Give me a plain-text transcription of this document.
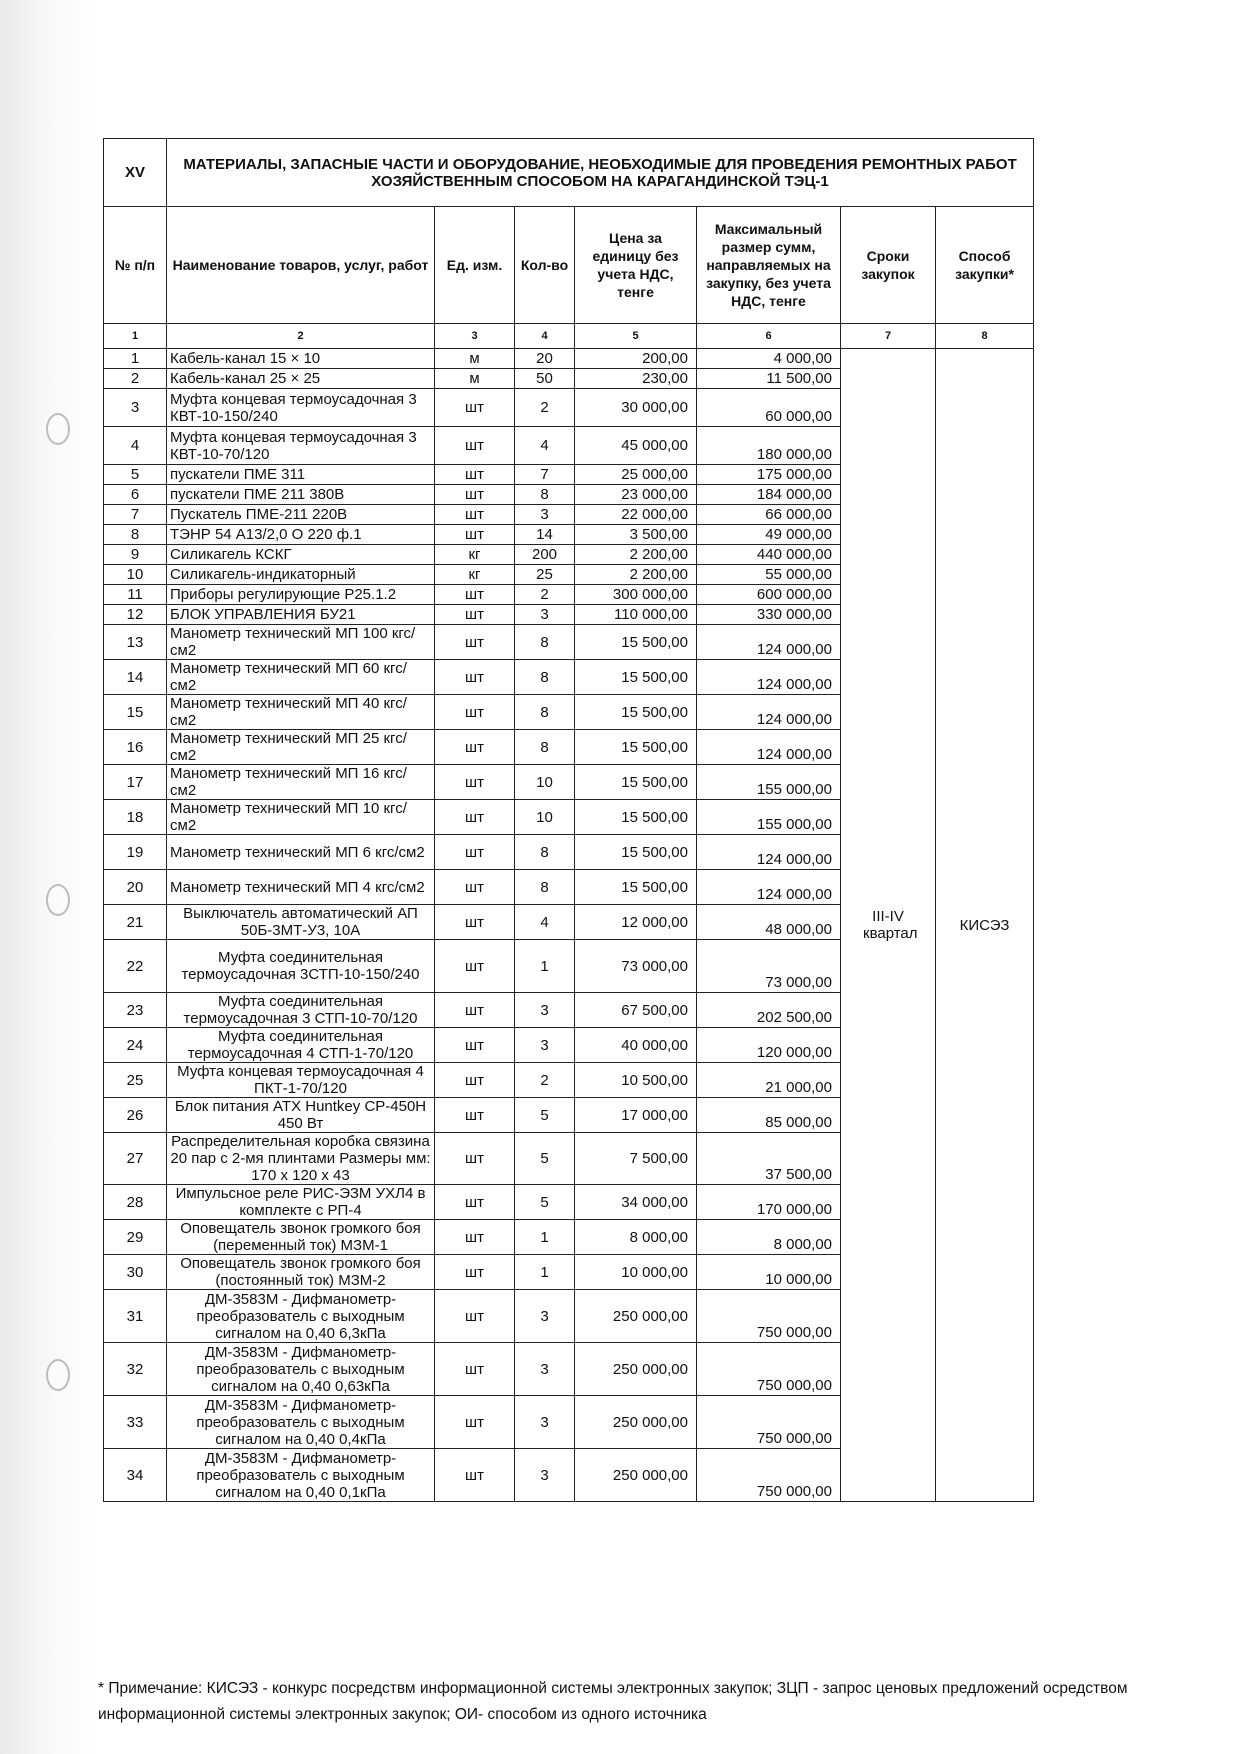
XV	МАТЕРИАЛЫ, ЗАПАСНЫЕ ЧАСТИ И ОБОРУДОВАНИЕ, НЕОБХОДИМЫЕ ДЛЯ ПРОВЕДЕНИЯ РЕМОНТНЫХ РАБОТ ХОЗЯЙСТВЕННЫМ СПОСОБОМ НА КАРАГАНДИНСКОЙ ТЭЦ-1						
№ п/п	Наименование товаров, услуг, работ	Ед. изм.	Кол-во	Цена за единицу без учета НДС, тенге	Максимальный размер сумм, направляемых на закупку, без учета НДС, тенге	Сроки закупок	Способ закупки*
1	2	3	4	5	6	7	8
1	Кабель-канал 15 × 10	м	20	200,00	4 000,00	III-IV квартал	КИСЭЗ
2	Кабель-канал 25 × 25	м	50	230,00	11 500,00		
3	Муфта концевая термоусадочная 3 КВТ-10-150/240	шт	2	30 000,00	60 000,00		
4	Муфта концевая термоусадочная 3 КВТ-10-70/120	шт	4	45 000,00	180 000,00		
5	пускатели ПМЕ 311	шт	7	25 000,00	175 000,00		
6	пускатели ПМЕ 211 380В	шт	8	23 000,00	184 000,00		
7	Пускатель ПМЕ-211 220В	шт	3	22 000,00	66 000,00		
8	ТЭНР 54 А13/2,0 О 220 ф.1	шт	14	3 500,00	49 000,00		
9	Силикагель КСКГ	кг	200	2 200,00	440 000,00		
10	Силикагель-индикаторный	кг	25	2 200,00	55 000,00		
11	Приборы регулирующие Р25.1.2	шт	2	300 000,00	600 000,00		
12	БЛОК УПРАВЛЕНИЯ БУ21	шт	3	110 000,00	330 000,00		
13	Манометр технический МП 100 кгс/см2	шт	8	15 500,00	124 000,00		
14	Манометр технический МП 60 кгс/см2	шт	8	15 500,00	124 000,00		
15	Манометр технический МП 40 кгс/см2	шт	8	15 500,00	124 000,00		
16	Манометр технический МП 25 кгс/см2	шт	8	15 500,00	124 000,00		
17	Манометр технический МП 16 кгс/см2	шт	10	15 500,00	155 000,00		
18	Манометр технический МП 10 кгс/см2	шт	10	15 500,00	155 000,00		
19	Манометр технический МП 6 кгс/см2	шт	8	15 500,00	124 000,00		
20	Манометр технический МП 4 кгс/см2	шт	8	15 500,00	124 000,00		
21	Выключатель автоматический АП 50Б-3МТ-У3, 10А	шт	4	12 000,00	48 000,00		
22	Муфта соединительная термоусадочная 3СТП-10-150/240	шт	1	73 000,00	73 000,00		
23	Муфта соединительная термоусадочная 3 СТП-10-70/120	шт	3	67 500,00	202 500,00		
24	Муфта соединительная термоусадочная 4 СТП-1-70/120	шт	3	40 000,00	120 000,00		
25	Муфта концевая термоусадочная 4 ПКТ-1-70/120	шт	2	10 500,00	21 000,00		
26	Блок питания ATX Huntkey CP-450H 450 Вт	шт	5	17 000,00	85 000,00		
27	Распределительная коробка связина 20 пар с 2-мя плинтами Размеры мм: 170 х 120 х 43	шт	5	7 500,00	37 500,00		
28	Импульсное реле РИС-ЭЗМ УХЛ4 в комплекте с РП-4	шт	5	34 000,00	170 000,00		
29	Оповещатель звонок громкого боя (переменный ток) МЗМ-1	шт	1	8 000,00	8 000,00		
30	Оповещатель звонок громкого боя (постоянный ток) МЗМ-2	шт	1	10 000,00	10 000,00		
31	ДМ-3583М - Дифманометр-преобразователь с выходным сигналом на 0,40 6,3кПа	шт	3	250 000,00	750 000,00		
32	ДМ-3583М - Дифманометр-преобразователь с выходным сигналом на 0,40 0,63кПа	шт	3	250 000,00	750 000,00		
33	ДМ-3583М - Дифманометр-преобразователь с выходным сигналом на 0,40 0,4кПа	шт	3	250 000,00	750 000,00		
34	ДМ-3583М - Дифманометр-преобразователь с выходным сигналом на 0,40 0,1кПа	шт	3	250 000,00	750 000,00		
* Примечание: КИСЭЗ - конкурс посредствм информационной системы электронных закупок; ЗЦП - запрос ценовых предложений осредством информационной системы электронных закупок; ОИ- способом из одного источника
